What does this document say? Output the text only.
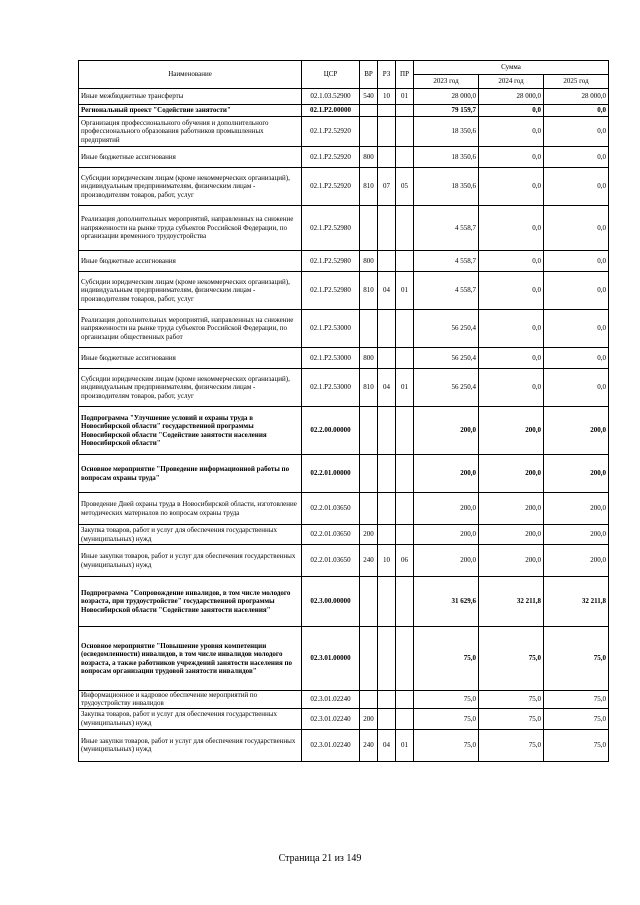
Наименование	ЦСР	ВР	РЗ	ПР	Сумма		
					2023 год	2024 год	2025 год
Иные межбюджетные трансферты	02.1.03.52900	540	10	01	28 000,0	28 000,0	28 000,0
Региональный проект "Содействие занятости"	02.1.P2.00000				79 159,7	0,0	0,0
Организация профессионального обучения и дополнительного профессионального образования работников промышленных предприятий	02.1.P2.52920				18 350,6	0,0	0,0
Иные бюджетные ассигнования	02.1.P2.52920	800			18 350,6	0,0	0,0
Субсидии юридическим лицам (кроме некоммерческих организаций), индивидуальным предпринимателям, физическим лицам - производителям товаров, работ, услуг	02.1.P2.52920	810	07	05	18 350,6	0,0	0,0
Реализация дополнительных мероприятий, направленных на снижение напряженности на рынке труда субъектов Российской Федерации, по организации временного трудоустройства	02.1.P2.52980				4 558,7	0,0	0,0
Иные бюджетные ассигнования	02.1.P2.52980	800			4 558,7	0,0	0,0
Субсидии юридическим лицам (кроме некоммерческих организаций), индивидуальным предпринимателям, физическим лицам - производителям товаров, работ, услуг	02.1.P2.52980	810	04	01	4 558,7	0,0	0,0
Реализация дополнительных мероприятий, направленных на снижение напряженности на рынке труда субъектов Российской Федерации, по организации общественных работ	02.1.P2.53000				56 250,4	0,0	0,0
Иные бюджетные ассигнования	02.1.P2.53000	800			56 250,4	0,0	0,0
Субсидии юридическим лицам (кроме некоммерческих организаций), индивидуальным предпринимателям, физическим лицам - производителям товаров, работ, услуг	02.1.P2.53000	810	04	01	56 250,4	0,0	0,0
Подпрограмма "Улучшение условий и охраны труда в Новосибирской области" государственной программы Новосибирской области "Содействие занятости населения Новосибирской области"	02.2.00.00000				200,0	200,0	200,0
Основное мероприятие "Проведение информационной работы по вопросам охраны труда"	02.2.01.00000				200,0	200,0	200,0
Проведение Дней охраны труда в Новосибирской области, изготовление методических материалов по вопросам охраны труда	02.2.01.03650				200,0	200,0	200,0
Закупка товаров, работ и услуг для обеспечения государственных (муниципальных) нужд	02.2.01.03650	200			200,0	200,0	200,0
Иные закупки товаров, работ и услуг для обеспечения государственных (муниципальных) нужд	02.2.01.03650	240	10	06	200,0	200,0	200,0
Подпрограмма "Сопровождение инвалидов, в том числе молодого возраста, при трудоустройстве" государственной программы Новосибирской области "Содействие занятости населения"	02.3.00.00000				31 629,6	32 211,8	32 211,8
Основное мероприятие "Повышение уровня компетенции (осведомленности) инвалидов, в том числе инвалидов молодого возраста, а также работников учреждений занятости населения по вопросам организации трудовой занятости инвалидов"	02.3.01.00000				75,0	75,0	75,0
Информационное и кадровое обеспечение мероприятий по трудоустройству инвалидов	02.3.01.02240				75,0	75,0	75,0
Закупка товаров, работ и услуг для обеспечения государственных (муниципальных) нужд	02.3.01.02240	200			75,0	75,0	75,0
Иные закупки товаров, работ и услуг для обеспечения государственных (муниципальных) нужд	02.3.01.02240	240	04	01	75,0	75,0	75,0
Страница 21 из 149
